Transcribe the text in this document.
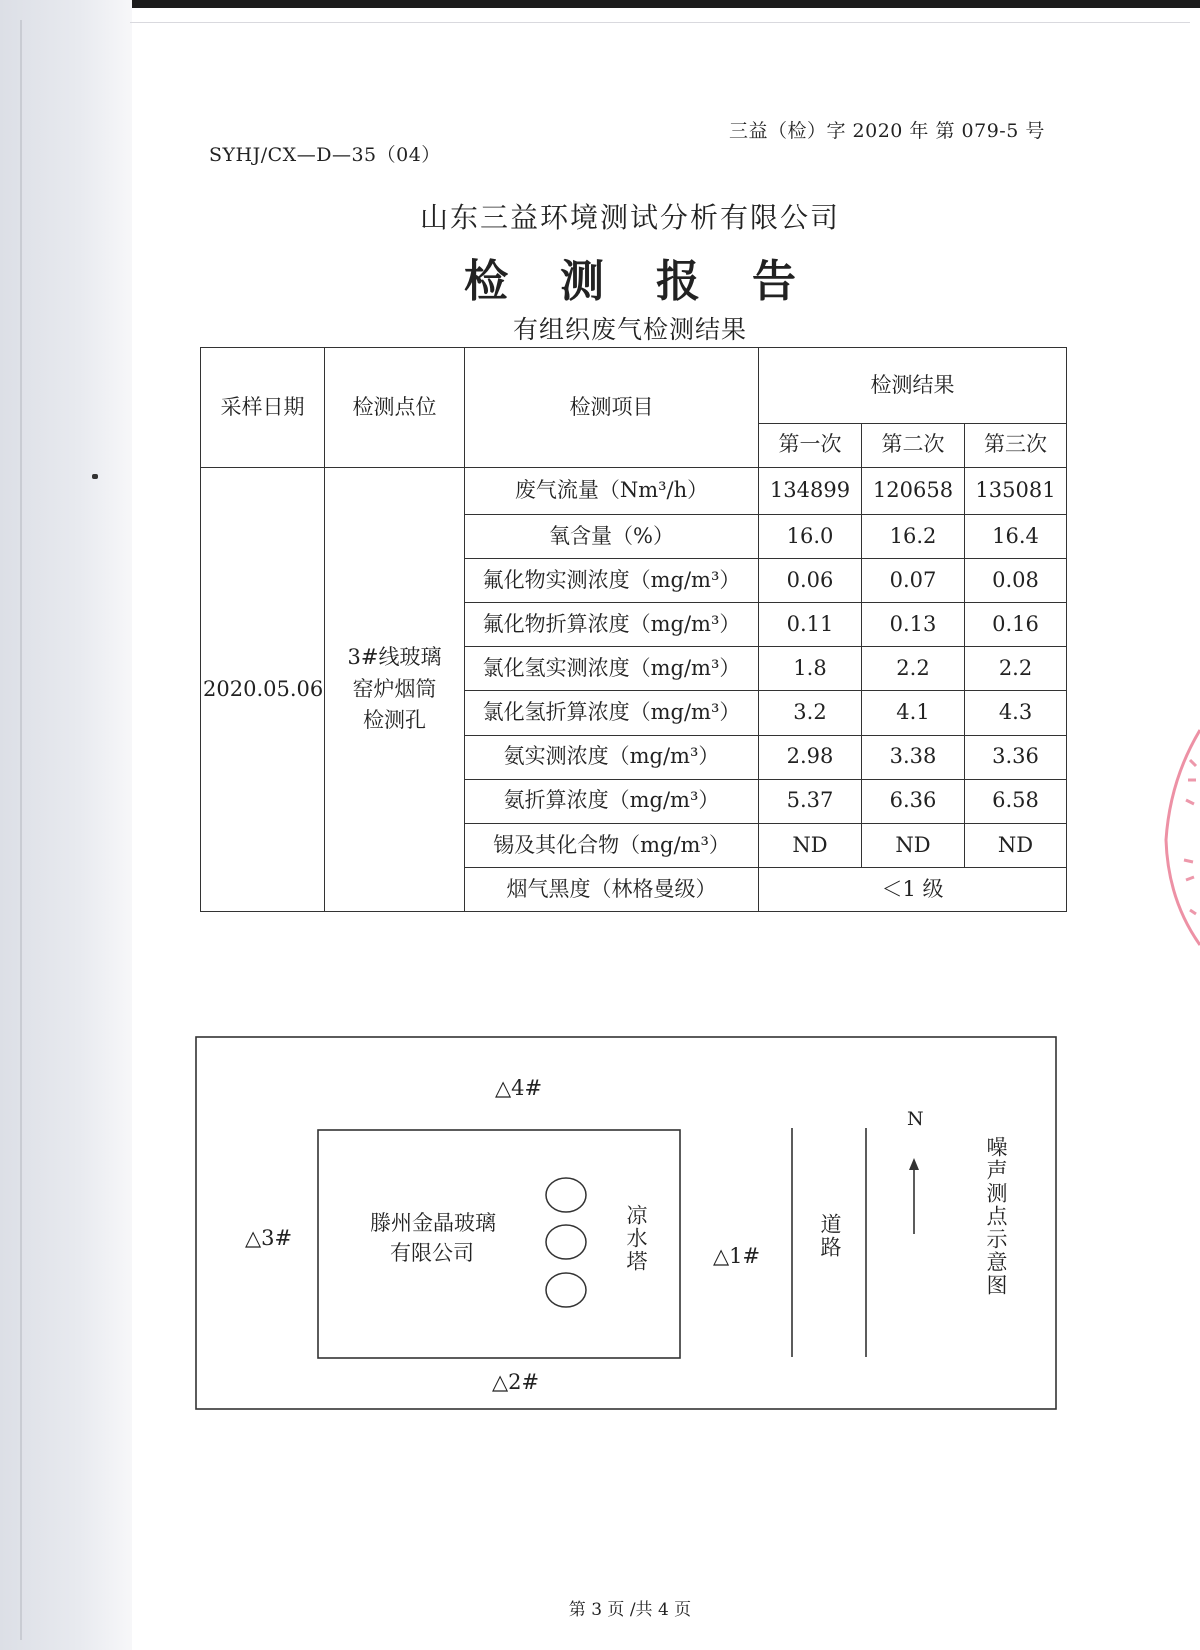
三益（检）字 2020 年 第 079-5 号
SYHJ/CX—D—35（04）
山东三益环境测试分析有限公司
检测报告
有组织废气检测结果
采样日期	检测点位	检测项目	检测结果		
			第一次	第二次	第三次
2020.05.06	3#线玻璃
窑炉烟筒
检测孔	废气流量（Nm³/h）	134899	120658	135081
		氧含量（%）	16.0	16.2	16.4
		氟化物实测浓度（mg/m³）	0.06	0.07	0.08
		氟化物折算浓度（mg/m³）	0.11	0.13	0.16
		氯化氢实测浓度（mg/m³）	1.8	2.2	2.2
		氯化氢折算浓度（mg/m³）	3.2	4.1	4.3
		氨实测浓度（mg/m³）	2.98	3.38	3.36
		氨折算浓度（mg/m³）	5.37	6.36	6.58
		锡及其化合物（mg/m³）	ND	ND	ND
		烟气黑度（林格曼级）	＜1 级		
△4#
△3#
△1#
△2#
滕州金晶玻璃
有限公司	凉水塔	道路
N
噪声测点示意图
第 3 页 /共 4 页
